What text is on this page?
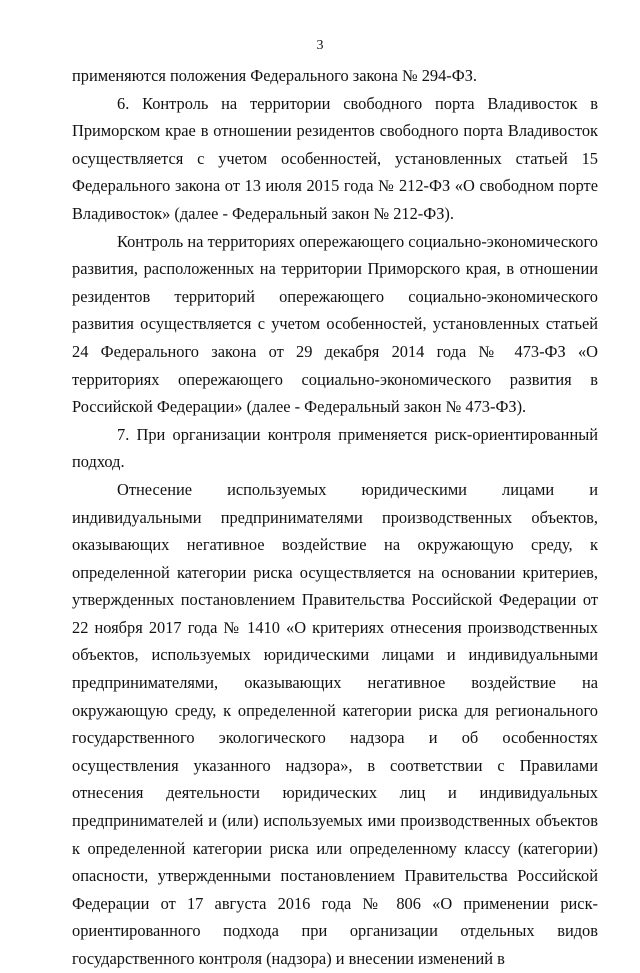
3

применяются положения Федерального закона № 294-ФЗ.

6. Контроль на территории свободного порта Владивосток в Приморском крае в отношении резидентов свободного порта Владивосток осуществляется с учетом особенностей, установленных статьей 15 Федерального закона от 13 июля 2015 года № 212-ФЗ «О свободном порте Владивосток» (далее - Федеральный закон № 212-ФЗ).

Контроль на территориях опережающего социально-экономического развития, расположенных на территории Приморского края, в отношении резидентов территорий опережающего социально-экономического развития осуществляется с учетом особенностей, установленных статьей 24 Федерального закона от 29 декабря 2014 года № 473-ФЗ «О территориях опережающего социально-экономического развития в Российской Федерации» (далее - Федеральный закон № 473-ФЗ).

7. При организации контроля применяется риск-ориентированный подход.

Отнесение используемых юридическими лицами и индивидуальными предпринимателями производственных объектов, оказывающих негативное воздействие на окружающую среду, к определенной категории риска осуществляется на основании критериев, утвержденных постановлением Правительства Российской Федерации от 22 ноября 2017 года № 1410 «О критериях отнесения производственных объектов, используемых юридическими лицами и индивидуальными предпринимателями, оказывающих негативное воздействие на окружающую среду, к определенной категории риска для регионального государственного экологического надзора и об особенностях осуществления указанного надзора», в соответствии с Правилами отнесения деятельности юридических лиц и индивидуальных предпринимателей и (или) используемых ими производственных объектов к определенной категории риска или определенному классу (категории) опасности, утвержденными постановлением Правительства Российской Федерации от 17 августа 2016 года № 806 «О применении риск-ориентированного подхода при организации отдельных видов государственного контроля (надзора) и внесении изменений в
